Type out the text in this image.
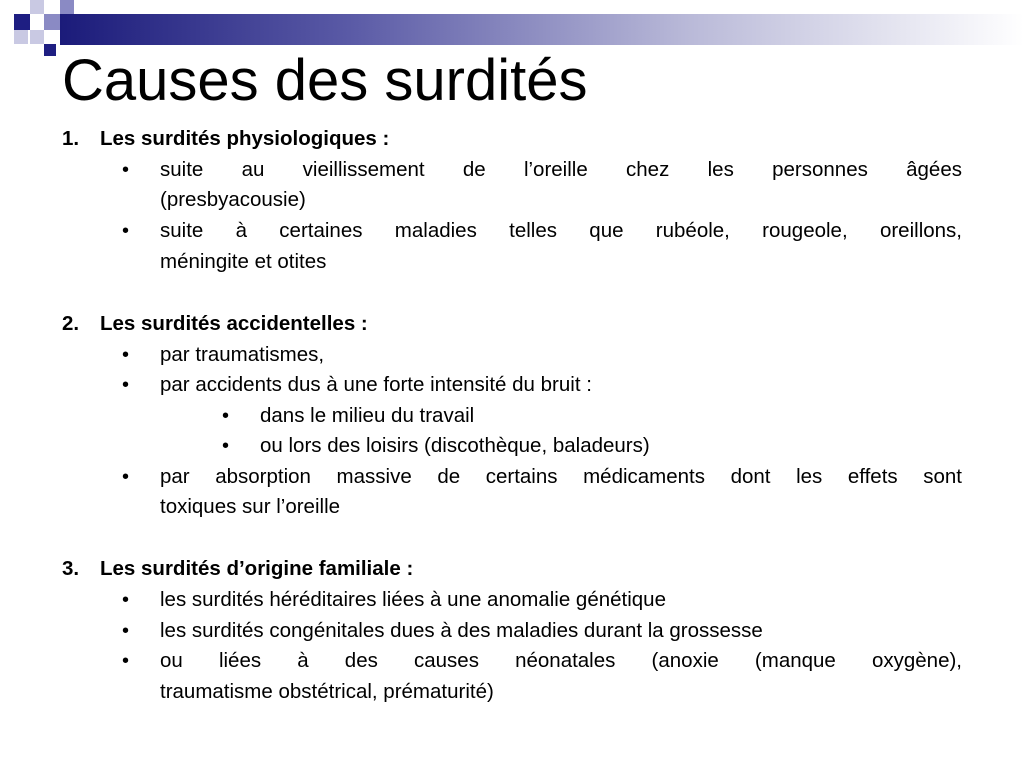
Causes des surdités
1. Les surdités physiologiques :
• suite au vieillissement de l’oreille chez les personnes âgées
(presbyacousie)
• suite à certaines maladies telles que rubéole, rougeole, oreillons,
méningite et otites
2. Les surdités accidentelles :
• par traumatismes,
• par accidents dus à une forte intensité du bruit :
• dans le milieu du travail
• ou lors des loisirs (discothèque, baladeurs)
• par absorption massive de certains médicaments dont les effets sont
toxiques sur l’oreille
3. Les surdités d’origine familiale :
• les surdités héréditaires liées à une anomalie génétique
• les surdités congénitales dues à des maladies durant la grossesse
• ou liées à des causes néonatales (anoxie (manque oxygène),
traumatisme obstétrical, prématurité)
